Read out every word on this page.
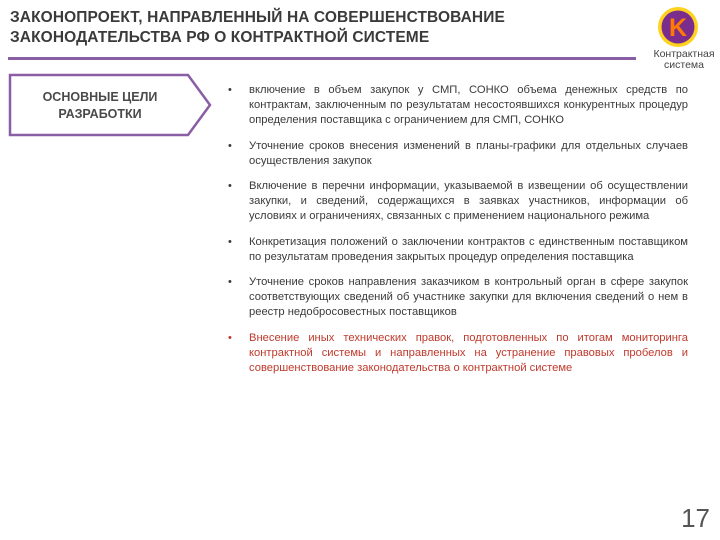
ЗАКОНОПРОЕКТ, НАПРАВЛЕННЫЙ НА СОВЕРШЕНСТВОВАНИЕ
ЗАКОНОДАТЕЛЬСТВА РФ О КОНТРАКТНОЙ СИСТЕМЕ	K
Контрактная
система
ОСНОВНЫЕ ЦЕЛИ
РАЗРАБОТКИ
• включение в объем закупок у СМП, СОНКО объема денежных средств по контрактам, заключенным по результатам несостоявшихся конкурентных процедур определения поставщика с ограничением для СМП, СОНКО
• Уточнение сроков внесения изменений в планы-графики для отдельных случаев осуществления закупок
• Включение в перечни информации, указываемой в извещении об осуществлении закупки, и сведений, содержащихся в заявках участников, информации об условиях и ограничениях, связанных с применением национального режима
• Конкретизация положений о заключении контрактов с единственным поставщиком по результатам проведения закрытых процедур определения поставщика
• Уточнение сроков направления заказчиком в контрольный орган в сфере закупок соответствующих сведений об участнике закупки для включения сведений о нем в реестр недобросовестных поставщиков
• Внесение иных технических правок, подготовленных по итогам мониторинга контрактной системы и направленных на устранение правовых пробелов и совершенствование законодательства о контрактной системе
17
